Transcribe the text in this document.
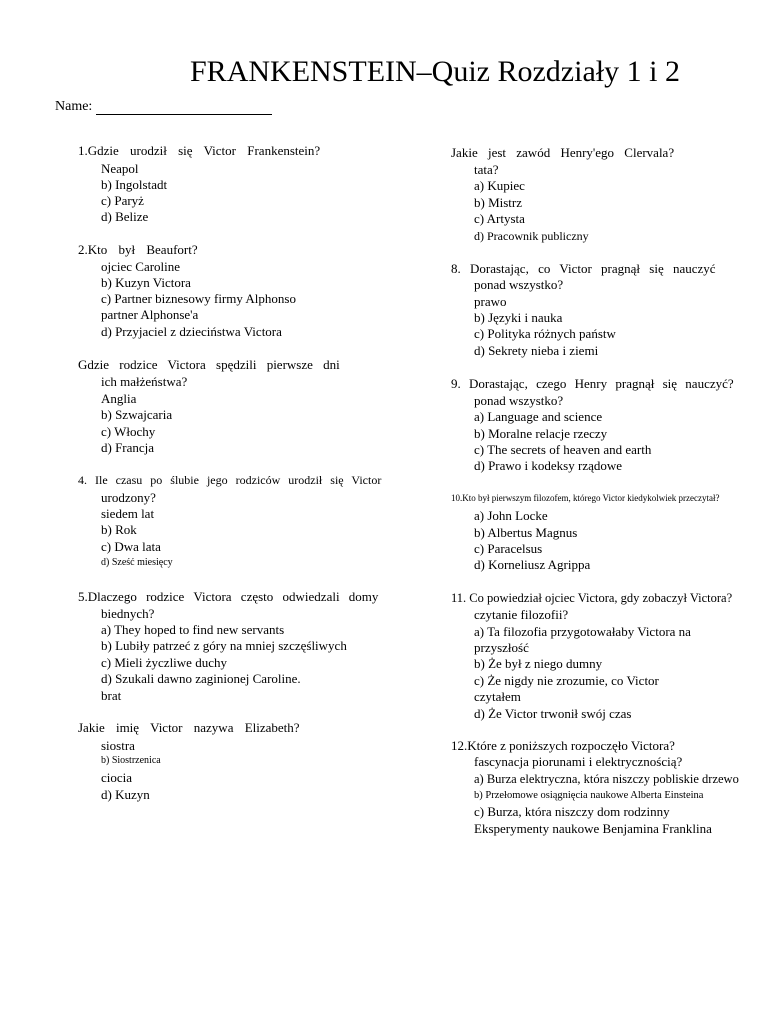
FRANKENSTEIN–Quiz Rozdziały 1 i 2
Name:
1.Gdzie urodził się Victor Frankenstein?
Neapol
b) Ingolstadt
c) Paryż
d) Belize
2.Kto był Beaufort?
ojciec Caroline
b) Kuzyn Victora
c) Partner biznesowy firmy Alphonso
partner Alphonse'a
d) Przyjaciel z dzieciństwa Victora
Gdzie rodzice Victora spędzili pierwsze dni
ich małżeństwa?
Anglia
b) Szwajcaria
c) Włochy
d) Francja
4. Ile czasu po ślubie jego rodziców urodził się Victor
urodzony?
siedem lat
b) Rok
c) Dwa lata
d) Sześć miesięcy
5.Dlaczego rodzice Victora często odwiedzali domy
biednych?
a) They hoped to find new servants
b) Lubiły patrzeć z góry na mniej szczęśliwych
c) Mieli życzliwe duchy
d) Szukali dawno zaginionej Caroline.
brat
Jakie imię Victor nazywa Elizabeth?
siostra
b) Siostrzenica
ciocia
d) Kuzyn
Jakie jest zawód Henry'ego Clervala?
tata?
a) Kupiec
b) Mistrz
c) Artysta
d) Pracownik publiczny
8. Dorastając, co Victor pragnął się nauczyć
ponad wszystko?
prawo
b) Języki i nauka
c) Polityka różnych państw
d) Sekrety nieba i ziemi
9. Dorastając, czego Henry pragnął się nauczyć?
ponad wszystko?
a) Language and science
b) Moralne relacje rzeczy
c) The secrets of heaven and earth
d) Prawo i kodeksy rządowe
10.Kto był pierwszym filozofem, którego Victor kiedykolwiek przeczytał?
a) John Locke
b) Albertus Magnus
c) Paracelsus
d) Korneliusz Agrippa
11. Co powiedział ojciec Victora, gdy zobaczył Victora?
czytanie filozofii?
a) Ta filozofia przygotowałaby Victora na
przyszłość
b) Że był z niego dumny
c) Że nigdy nie zrozumie, co Victor
czytałem
d) Że Victor trwonił swój czas
12.Które z poniższych rozpoczęło Victora?
fascynacja piorunami i elektrycznością?
a) Burza elektryczna, która niszczy pobliskie drzewo
b) Przełomowe osiągnięcia naukowe Alberta Einsteina
c) Burza, która niszczy dom rodzinny
Eksperymenty naukowe Benjamina Franklina
